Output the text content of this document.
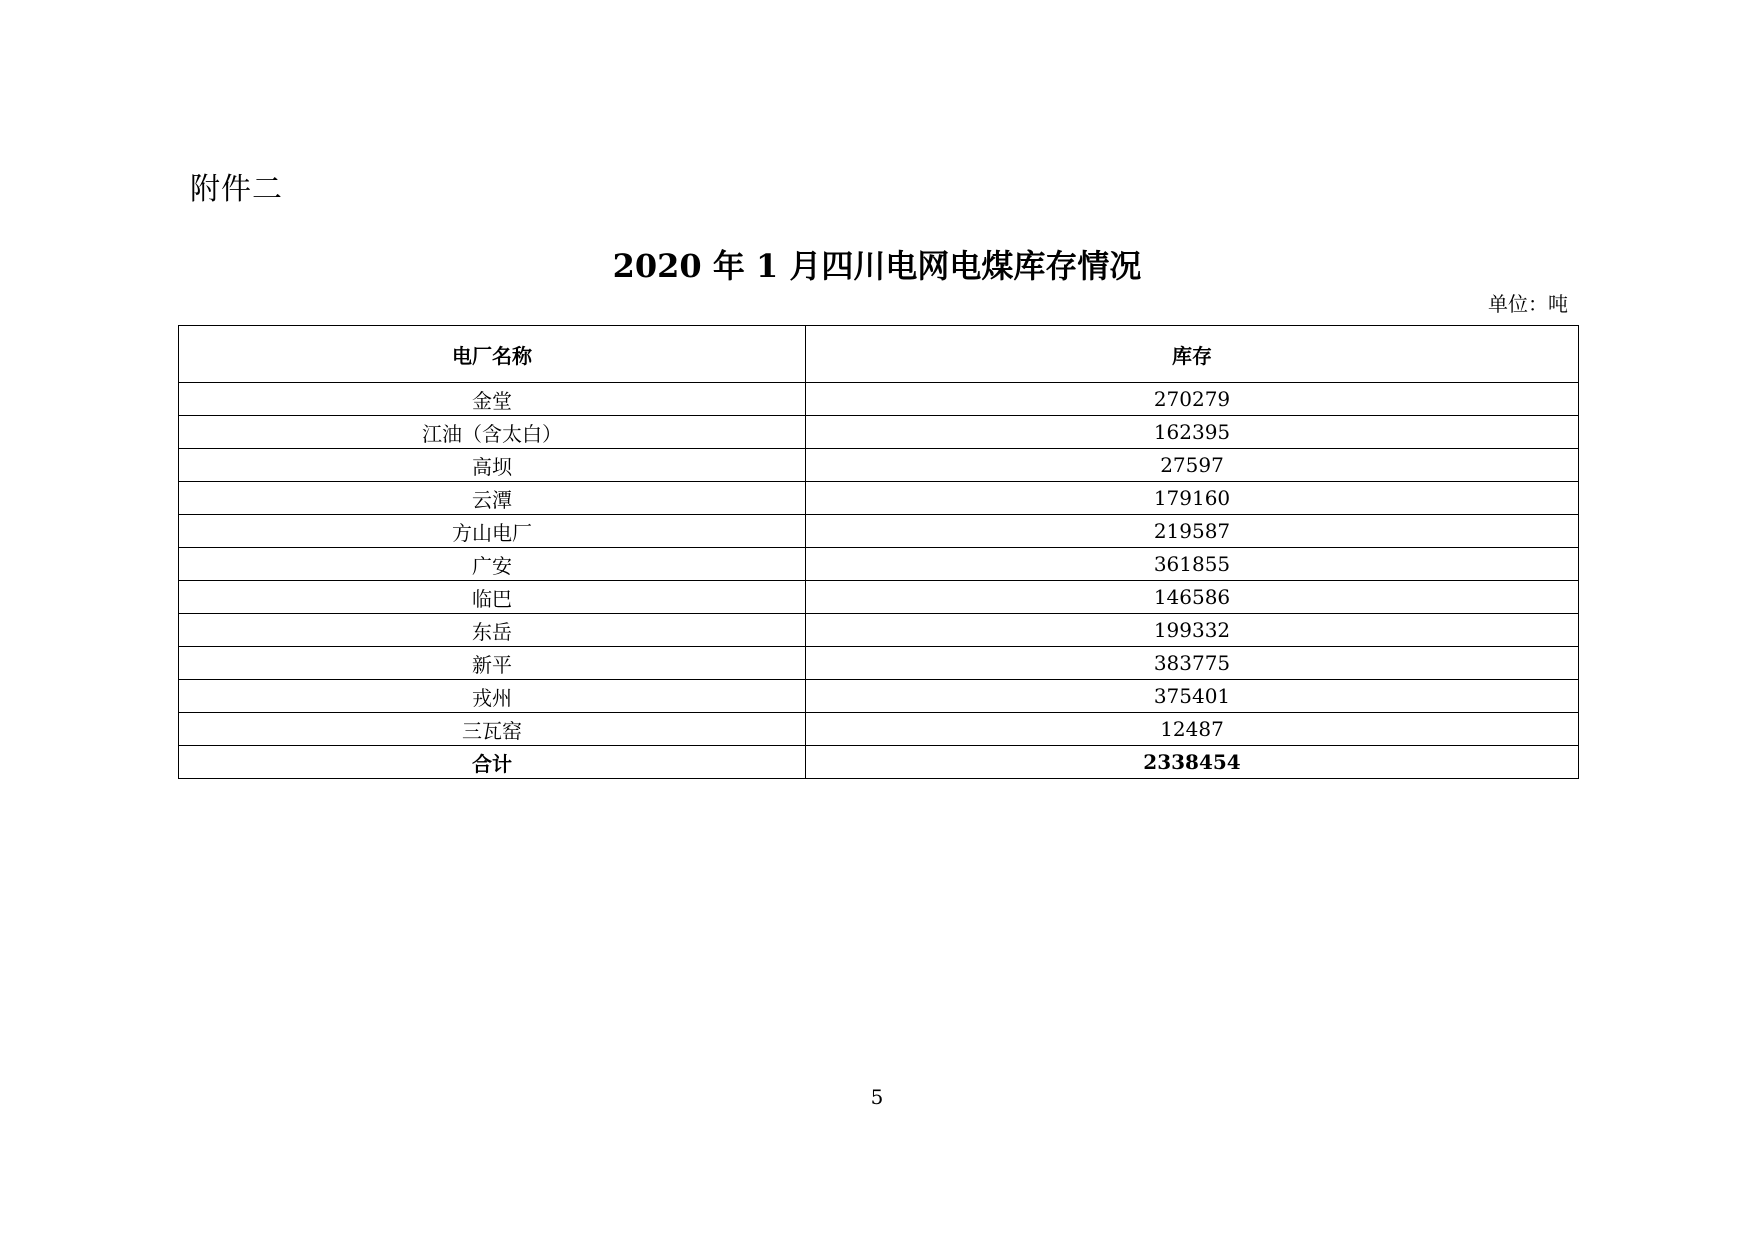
附件二
2020 年 1 月四川电网电煤库存情况
单位：吨
电厂名称	库存
金堂	270279
江油（含太白）	162395
高坝	27597
云潭	179160
方山电厂	219587
广安	361855
临巴	146586
东岳	199332
新平	383775
戎州	375401
三瓦窑	12487
合计	2338454
5
